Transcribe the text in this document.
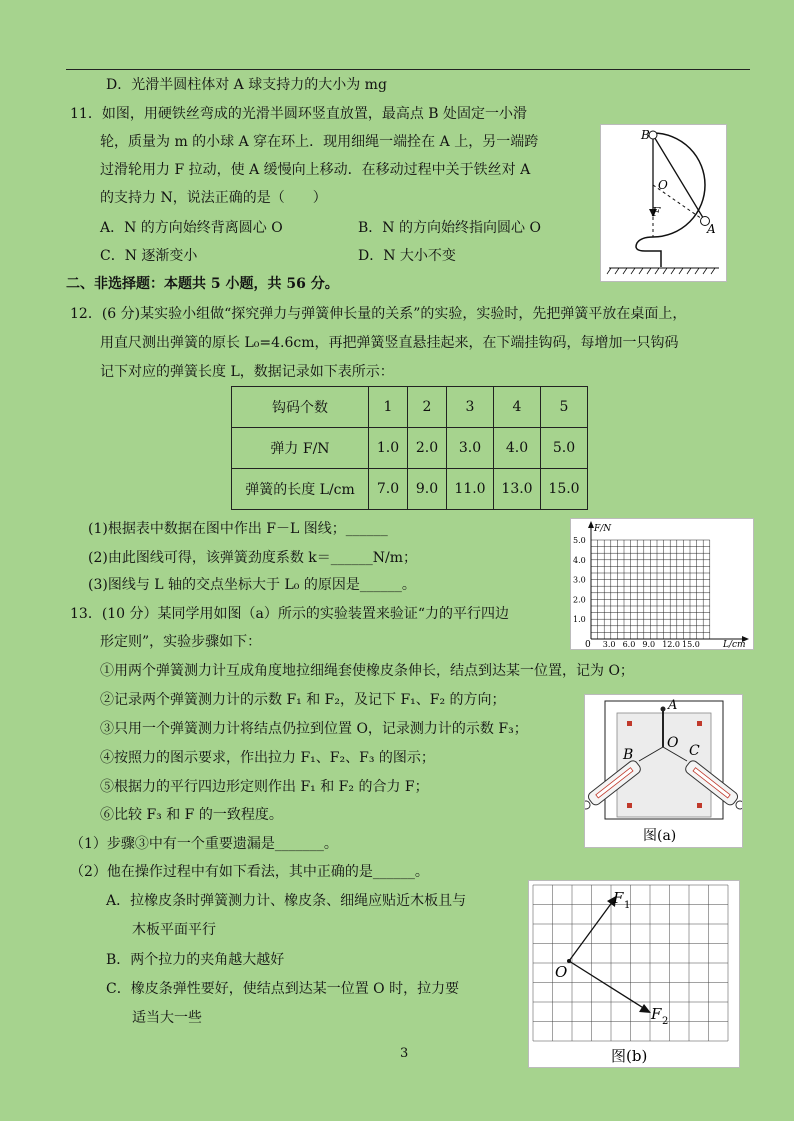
D．光滑半圆柱体对 A 球支持力的大小为 mg
11．如图，用硬铁丝弯成的光滑半圆环竖直放置，最高点 B 处固定一小滑
轮，质量为 m 的小球 A 穿在环上．现用细绳一端拴在 A 上，另一端跨
过滑轮用力 F 拉动，使 A 缓慢向上移动．在移动过程中关于铁丝对 A
的支持力 N，说法正确的是（　　）
A．N 的方向始终背离圆心 O	B．N 的方向始终指向圆心 O
C．N 逐渐变小	D．N 大小不变
B
O
F
A
二、非选择题：本题共 5 小题，共 56 分。
12．(6 分)某实验小组做“探究弹力与弹簧伸长量的关系”的实验，实验时，先把弹簧平放在桌面上，
用直尺测出弹簧的原长 L₀=4.6cm，再把弹簧竖直悬挂起来，在下端挂钩码，每增加一只钩码
记下对应的弹簧长度 L，数据记录如下表所示：
钩码个数	1	2	3	4	5
弹力 F/N	1.0	2.0	3.0	4.0	5.0
弹簧的长度 L/cm	7.0	9.0	11.0	13.0	15.0
(1)根据表中数据在图中作出 F－L 图线；______
(2)由此图线可得，该弹簧劲度系数 k＝______N/m；
(3)图线与 L 轴的交点坐标大于 L₀ 的原因是______。
F/N
L/cm
0
1.0
2.0
3.0
4.0
5.0
3.0 6.0 9.0 12.0 15.0
13．(10 分）某同学用如图（a）所示的实验装置来验证“力的平行四边
形定则”，实验步骤如下：
①用两个弹簧测力计互成角度地拉细绳套使橡皮条伸长，结点到达某一位置，记为 O；
②记录两个弹簧测力计的示数 F₁ 和 F₂，及记下 F₁、F₂ 的方向；
③只用一个弹簧测力计将结点仍拉到位置 O，记录测力计的示数 F₃；
④按照力的图示要求，作出拉力 F₁、F₂、F₃ 的图示；
⑤根据力的平行四边形定则作出 F₁ 和 F₂ 的合力 F；
⑥比较 F₃ 和 F 的一致程度。
（1）步骤③中有一个重要遗漏是_______。
（2）他在操作过程中有如下看法，其中正确的是______。
A．拉橡皮条时弹簧测力计、橡皮条、细绳应贴近木板且与
木板平面平行
B．两个拉力的夹角越大越好
C．橡皮条弹性要好，使结点到达某一位置 O 时，拉力要
适当大一些
A
B
O C
图(a)
O
F 1
F 2
图(b)
3
